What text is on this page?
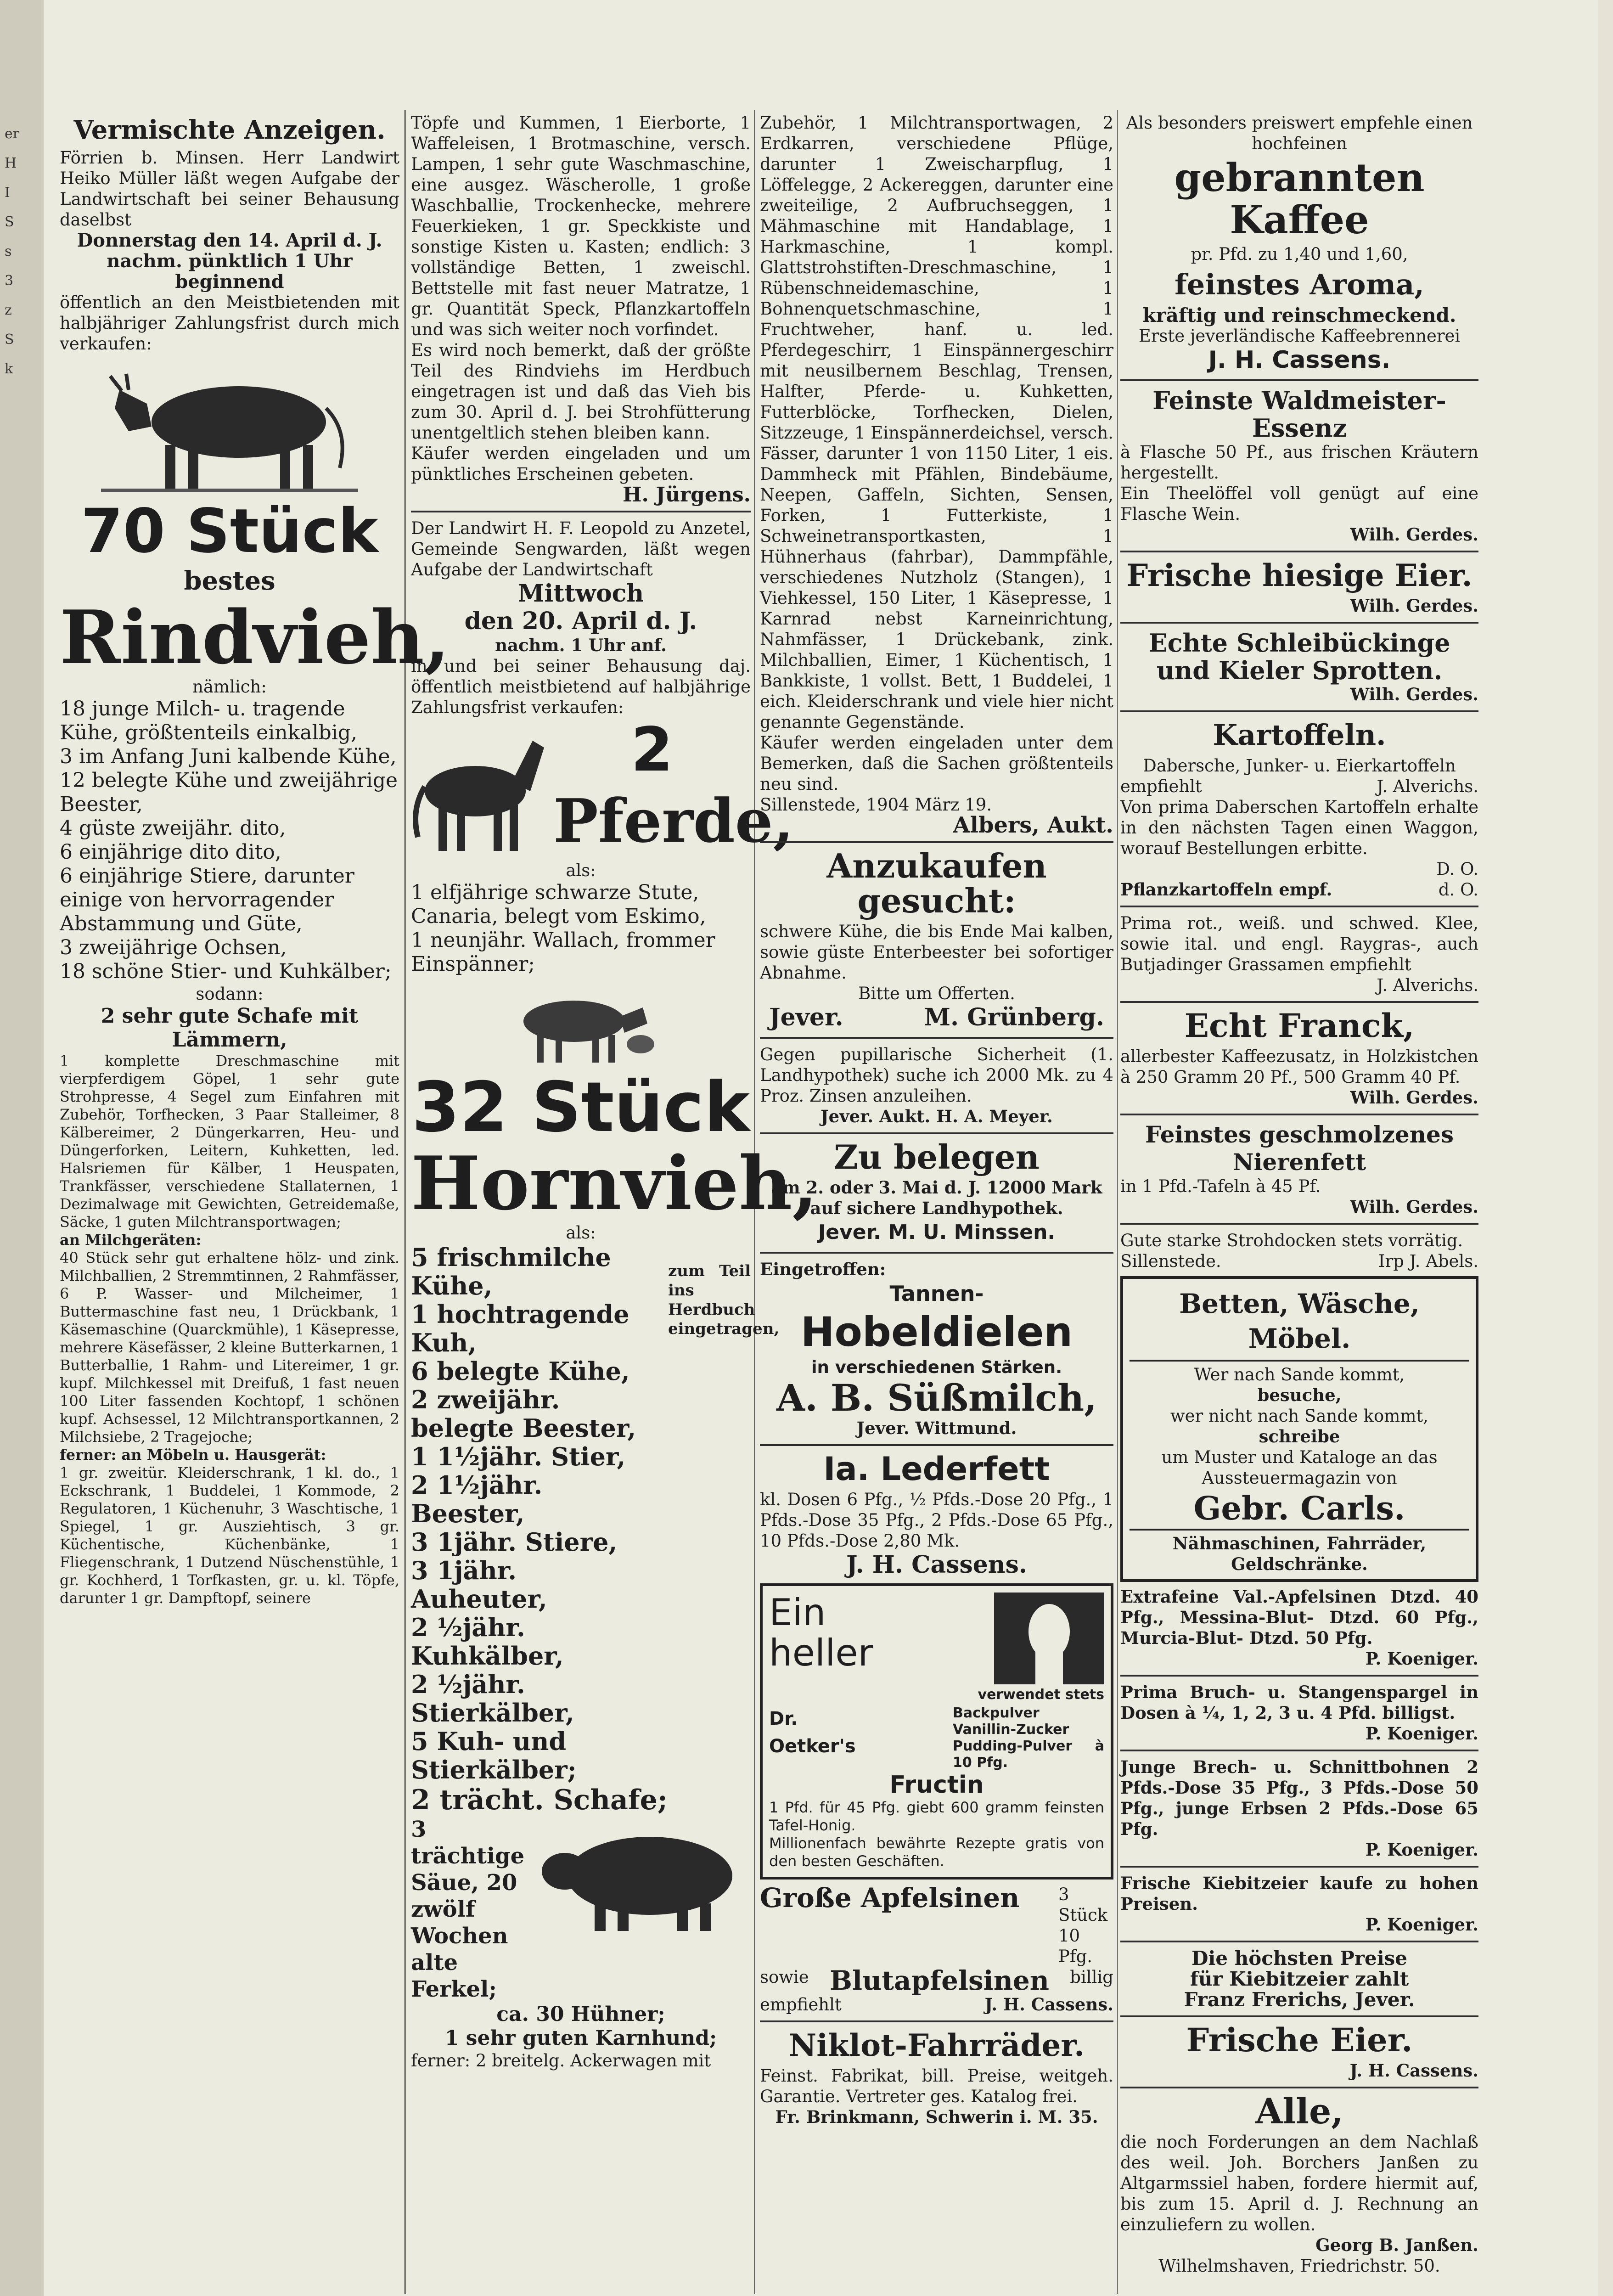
er
H
I
S
s
3
z
S
k

Vermischte Anzeigen.

Förrien b. Minsen. Herr Landwirt Heiko Müller läßt wegen Aufgabe der Landwirtschaft bei seiner Behausung daselbst

Donnerstag den 14. April d. J.

nachm. pünktlich 1 Uhr beginnend

öffentlich an den Meistbietenden mit halbjähriger Zahlungsfrist durch mich verkaufen:

70 Stück

bestes

Rindvieh,

nämlich:

18 junge Milch- u. tragende Kühe, größtenteils einkalbig,

3 im Anfang Juni kalbende Kühe,

12 belegte Kühe und zweijährige Beester,

4 güste zweijähr. dito,

6 einjährige dito dito,

6 einjährige Stiere, darunter einige von hervorragender Abstammung und Güte,

3 zweijährige Ochsen,

18 schöne Stier- und Kuhkälber;

sodann:

2 sehr gute Schafe mit Lämmern,

1 komplette Dreschmaschine mit vierpferdigem Göpel, 1 sehr gute Strohpresse, 4 Segel zum Einfahren mit Zubehör, Torfhecken, 3 Paar Stalleimer, 8 Kälbereimer, 2 Düngerkarren, Heu- und Düngerforken, Leitern, Kuhketten, led. Halsriemen für Kälber, 1 Heuspaten, Trankfässer, verschiedene Stallaternen, 1 Dezimalwage mit Gewichten, Getreidemaße, Säcke, 1 guten Milchtransportwagen;

an Milchgeräten:

40 Stück sehr gut erhaltene hölz- und zink. Milchballien, 2 Stremmtinnen, 2 Rahmfässer, 6 P. Wasser- und Milcheimer, 1 Buttermaschine fast neu, 1 Drückbank, 1 Käsemaschine (Quarckmühle), 1 Käsepresse, mehrere Käsefässer, 2 kleine Butterkarnen, 1 Butterballie, 1 Rahm- und Litereimer, 1 gr. kupf. Milchkessel mit Dreifuß, 1 fast neuen 100 Liter fassenden Kochtopf, 1 schönen kupf. Achsessel, 12 Milchtransportkannen, 2 Milchsiebe, 2 Tragejoche;

ferner: an Möbeln u. Hausgerät:

1 gr. zweitür. Kleiderschrank, 1 kl. do., 1 Eckschrank, 1 Buddelei, 1 Kommode, 2 Regulatoren, 1 Küchenuhr, 3 Waschtische, 1 Spiegel, 1 gr. Ausziehtisch, 3 gr. Küchentische, Küchenbänke, 1 Fliegenschrank, 1 Dutzend Nüschenstühle, 1 gr. Kochherd, 1 Torfkasten, gr. u. kl. Töpfe, darunter 1 gr. Dampftopf, seinere

Töpfe und Kummen, 1 Eierborte, 1 Waffeleisen, 1 Brotmaschine, versch. Lampen, 1 sehr gute Waschmaschine, eine ausgez. Wäscherolle, 1 große Waschballie, Trockenhecke, mehrere Feuerkieken, 1 gr. Speckkiste und sonstige Kisten u. Kasten; endlich: 3 vollständige Betten, 1 zweischl. Bettstelle mit fast neuer Matratze, 1 gr. Quantität Speck, Pflanzkartoffeln und was sich weiter noch vorfindet.

Es wird noch bemerkt, daß der größte Teil des Rindviehs im Herdbuch eingetragen ist und daß das Vieh bis zum 30. April d. J. bei Strohfütterung unentgeltlich stehen bleiben kann.

Käufer werden eingeladen und um pünktliches Erscheinen gebeten.

H. Jürgens.

Der Landwirt H. F. Leopold zu Anzetel, Gemeinde Sengwarden, läßt wegen Aufgabe der Landwirtschaft

Mittwoch

den 20. April d. J.

nachm. 1 Uhr anf.

in und bei seiner Behausung daj. öffentlich meistbietend auf halbjährige Zahlungsfrist verkaufen:

2

Pferde,

als:

1 elfjährige schwarze Stute, Canaria, belegt vom Eskimo,

1 neunjähr. Wallach, frommer Einspänner;

32 Stück

Hornvieh,

als:

5 frischmilche Kühe,

1 hochtragende Kuh,

6 belegte Kühe,

2 zweijähr. belegte Beester,

1 1½jähr. Stier,

2 1½jähr. Beester,

3 1jähr. Stiere,

3 1jähr. Auheuter,

2 ½jähr. Kuhkälber,

2 ½jähr. Stierkälber,

5 Kuh- und Stierkälber;

zum Teil ins Herdbuch eingetragen,

2 trächt. Schafe;

3 trächtige Säue, 20 zwölf Wochen alte Ferkel;

ca. 30 Hühner;

1 sehr guten Karnhund;

ferner: 2 breitelg. Ackerwagen mit

Zubehör, 1 Milchtransportwagen, 2 Erdkarren, verschiedene Pflüge, darunter 1 Zweischarpflug, 1 Löffelegge, 2 Ackereggen, darunter eine zweiteilige, 2 Aufbruchseggen, 1 Mähmaschine mit Handablage, 1 Harkmaschine, 1 kompl. Glattstrohstiften-Dreschmaschine, 1 Rübenschneidemaschine, 1 Bohnenquetschmaschine, 1 Fruchtweher, hanf. u. led. Pferdegeschirr, 1 Einspännergeschirr mit neusilbernem Beschlag, Trensen, Halfter, Pferde- u. Kuhketten, Futterblöcke, Torfhecken, Dielen, Sitzzeuge, 1 Einspännerdeichsel, versch. Fässer, darunter 1 von 1150 Liter, 1 eis. Dammheck mit Pfählen, Bindebäume, Neepen, Gaffeln, Sichten, Sensen, Forken, 1 Futterkiste, 1 Schweinetransportkasten, 1 Hühnerhaus (fahrbar), Dammpfähle, verschiedenes Nutzholz (Stangen), 1 Viehkessel, 150 Liter, 1 Käsepresse, 1 Karnrad nebst Karneinrichtung, Nahmfässer, 1 Drückebank, zink. Milchballien, Eimer, 1 Küchentisch, 1 Bankkiste, 1 vollst. Bett, 1 Buddelei, 1 eich. Kleiderschrank und viele hier nicht genannte Gegenstände.

Käufer werden eingeladen unter dem Bemerken, daß die Sachen größtenteils neu sind.

Sillenstede, 1904 März 19.

Albers, Aukt.

Anzukaufen gesucht:

schwere Kühe, die bis Ende Mai kalben, sowie güste Enterbeester bei sofortiger Abnahme.

Bitte um Offerten.

Jever.	M. Grünberg.

Gegen pupillarische Sicherheit (1. Landhypothek) suche ich 2000 Mk. zu 4 Proz. Zinsen anzuleihen.

Jever. Aukt. H. A. Meyer.

Zu belegen

am 2. oder 3. Mai d. J. 12000 Mark auf sichere Landhypothek.

Jever. M. U. Minssen.

Eingetroffen:

Tannen-

Hobeldielen

in verschiedenen Stärken.

A. B. Süßmilch,

Jever. Wittmund.

Ia. Lederfett

kl. Dosen 6 Pfg., ½ Pfds.-Dose 20 Pfg., 1 Pfds.-Dose 35 Pfg., 2 Pfds.-Dose 65 Pfg., 10 Pfds.-Dose 2,80 Mk.

J. H. Cassens.

Ein

heller

verwendet stets

Dr.

Oetker's

Backpulver Vanillin-Zucker Pudding-Pulver à 10 Pfg.

Fructin

1 Pfd. für 45 Pfg. giebt 600 gramm feinsten Tafel-Honig.

Millionenfach bewährte Rezepte gratis von den besten Geschäften.

Große Apfelsinen 3 Stück 10 Pfg.
sowie Blutapfelsinen billig
empfiehlt	J. H. Cassens.

Niklot-Fahrräder.

Feinst. Fabrikat, bill. Preise, weitgeh. Garantie. Vertreter ges. Katalog frei.

Fr. Brinkmann, Schwerin i. M. 35.

Als besonders preiswert empfehle einen hochfeinen

gebrannten Kaffee

pr. Pfd. zu 1,40 und 1,60,

feinstes Aroma,

kräftig und reinschmeckend.

Erste jeverländische Kaffeebrennerei

J. H. Cassens.

Feinste Waldmeister-Essenz

à Flasche 50 Pf., aus frischen Kräutern hergestellt.

Ein Theelöffel voll genügt auf eine Flasche Wein.

Wilh. Gerdes.

Frische hiesige Eier.

Wilh. Gerdes.

Echte Schleibückinge und Kieler Sprotten.

Wilh. Gerdes.

Kartoffeln.

Dabersche, Junker- u. Eierkartoffeln

empfiehlt	J. Alverichs.

Von prima Daberschen Kartoffeln erhalte in den nächsten Tagen einen Waggon, worauf Bestellungen erbitte.

D. O.

Pflanzkartoffeln empf.	d. O.

Prima rot., weiß. und schwed. Klee, sowie ital. und engl. Raygras-, auch Butjadinger Grassamen empfiehlt

J. Alverichs.

Echt Franck,

allerbester Kaffeezusatz, in Holzkistchen à 250 Gramm 20 Pf., 500 Gramm 40 Pf.

Wilh. Gerdes.

Feinstes geschmolzenes Nierenfett

in 1 Pfd.-Tafeln à 45 Pf.

Wilh. Gerdes.

Gute starke Strohdocken stets vorrätig.

Sillenstede.	Irp J. Abels.

Betten, Wäsche, Möbel.

Wer nach Sande kommt,

besuche,

wer nicht nach Sande kommt,

schreibe

um Muster und Kataloge an das Aussteuermagazin von

Gebr. Carls.

Nähmaschinen, Fahrräder, Geldschränke.

Extrafeine Val.-Apfelsinen Dtzd. 40 Pfg., Messina-Blut- Dtzd. 60 Pfg., Murcia-Blut- Dtzd. 50 Pfg.

P. Koeniger.

Prima Bruch- u. Stangenspargel in Dosen à ¼, 1, 2, 3 u. 4 Pfd. billigst.

P. Koeniger.

Junge Brech- u. Schnittbohnen 2 Pfds.-Dose 35 Pfg., 3 Pfds.-Dose 50 Pfg., junge Erbsen 2 Pfds.-Dose 65 Pfg.

P. Koeniger.

Frische Kiebitzeier kaufe zu hohen Preisen.

P. Koeniger.

Die höchsten Preise

für Kiebitzeier zahlt

Franz Frerichs, Jever.

Frische Eier.

J. H. Cassens.

Alle,

die noch Forderungen an dem Nachlaß des weil. Joh. Borchers Janßen zu Altgarmssiel haben, fordere hiermit auf, bis zum 15. April d. J. Rechnung an einzuliefern zu wollen.

Georg B. Janßen.

Wilhelmshaven, Friedrichstr. 50.
